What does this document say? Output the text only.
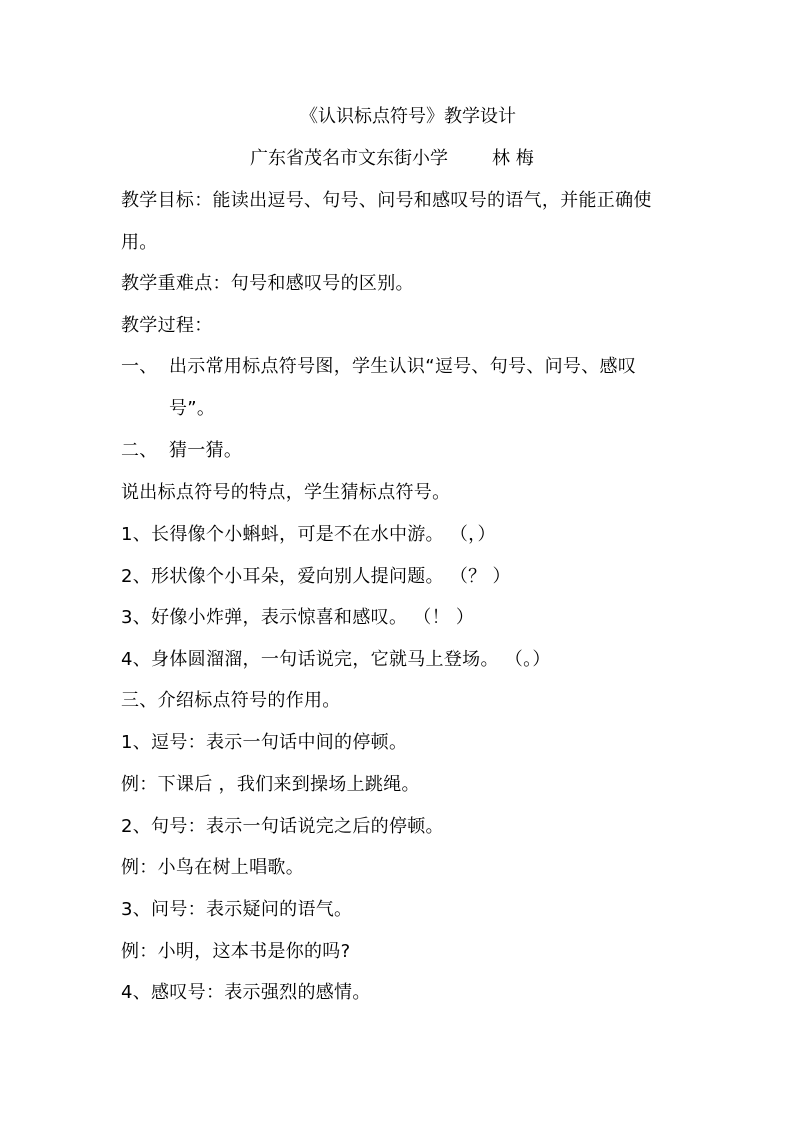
《认识标点符号》教学设计
广东省茂名市文东街小学 林 梅
教学目标：能读出逗号、句号、问号和感叹号的语气，并能正确使
用。
教学重难点：句号和感叹号的区别。
教学过程：
一、 出示常用标点符号图，学生认识“逗号、句号、问号、感叹
号”。
二、 猜一猜。
说出标点符号的特点，学生猜标点符号。
1、长得像个小蝌蚪，可是不在水中游。 （，）
2、形状像个小耳朵，爱向别人提问题。 （？ ）
3、好像小炸弹，表示惊喜和感叹。 （！ ）
4、身体圆溜溜，一句话说完，它就马上登场。 （。）
三、介绍标点符号的作用。
1、逗号：表示一句话中间的停顿。
例：下课后 ，我们来到操场上跳绳。
2、句号：表示一句话说完之后的停顿。
例：小鸟在树上唱歌。
3、问号：表示疑问的语气。
例：小明，这本书是你的吗?
4、感叹号：表示强烈的感情。
